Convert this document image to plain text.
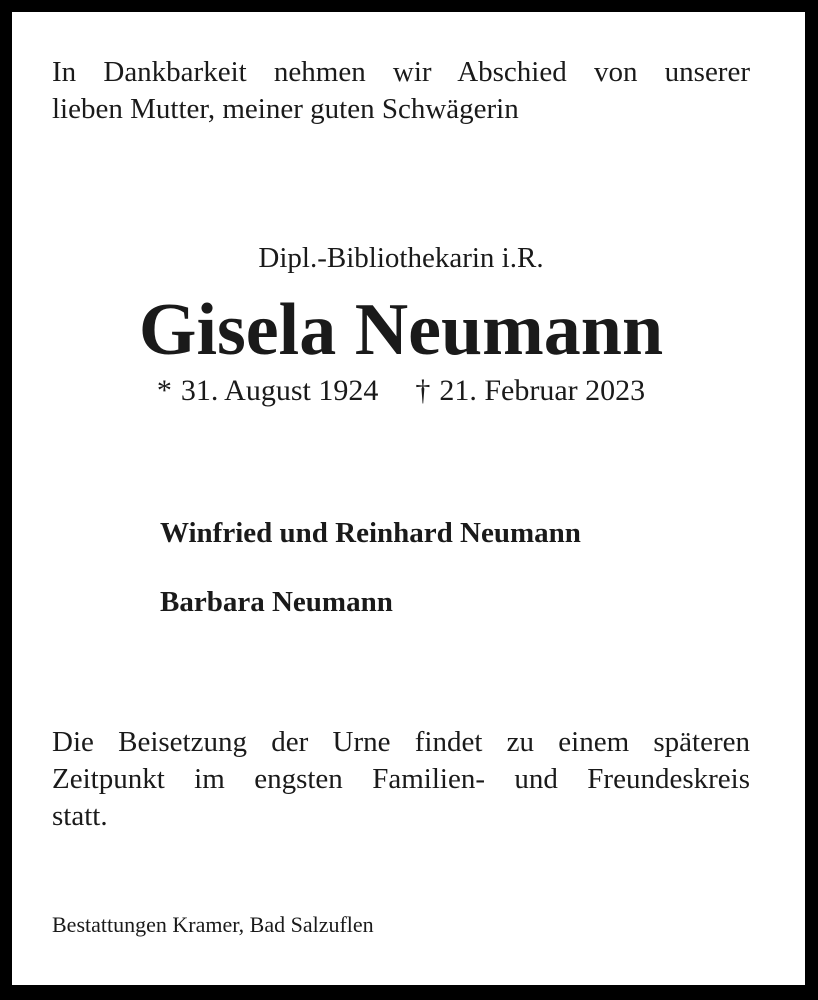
In Dankbarkeit nehmen wir Abschied von unserer
lieben Mutter, meiner guten Schwägerin
Dipl.-Bibliothekarin i.R.
Gisela Neumann
* 31. August 1924 † 21. Februar 2023
Winfried und Reinhard Neumann
Barbara Neumann
Die Beisetzung der Urne findet zu einem späteren
Zeitpunkt im engsten Familien- und Freundeskreis
statt.
Bestattungen Kramer, Bad Salzuflen
